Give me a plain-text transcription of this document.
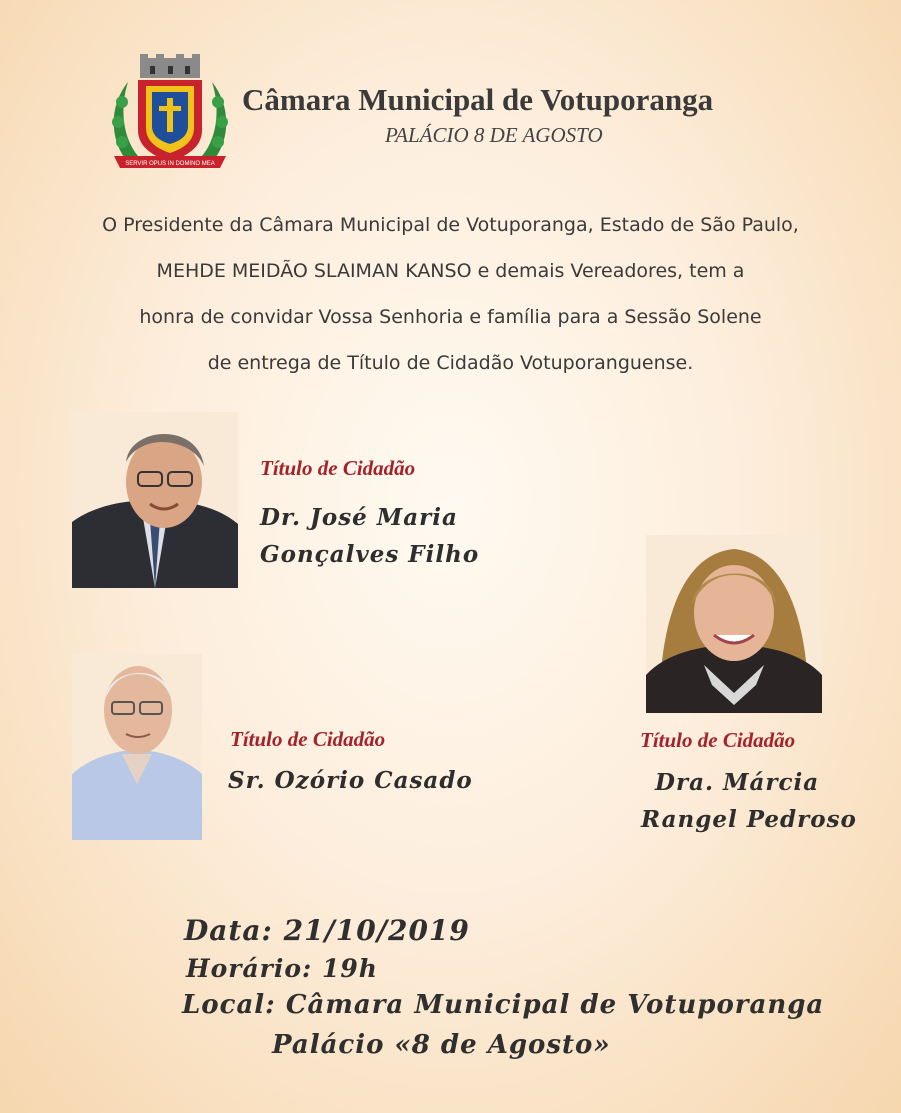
SERVIR OPUS IN DOMINO MEA
Câmara Municipal de Votuporanga
PALÁCIO 8 DE AGOSTO
O Presidente da Câmara Municipal de Votuporanga, Estado de São Paulo,
MEHDE MEIDÃO SLAIMAN KANSO e demais Vereadores, tem a
honra de convidar Vossa Senhoria e família para a Sessão Solene
de entrega de Título de Cidadão Votuporanguense.
Título de Cidadão
Dr. José Maria
Gonçalves Filho
Título de Cidadão
Sr. Ozório Casado
Título de Cidadão
Dra. Márcia
Rangel Pedroso
Data: 21/10/2019
Horário: 19h
Local: Câmara Municipal de Votuporanga
Palácio «8 de Agosto»
